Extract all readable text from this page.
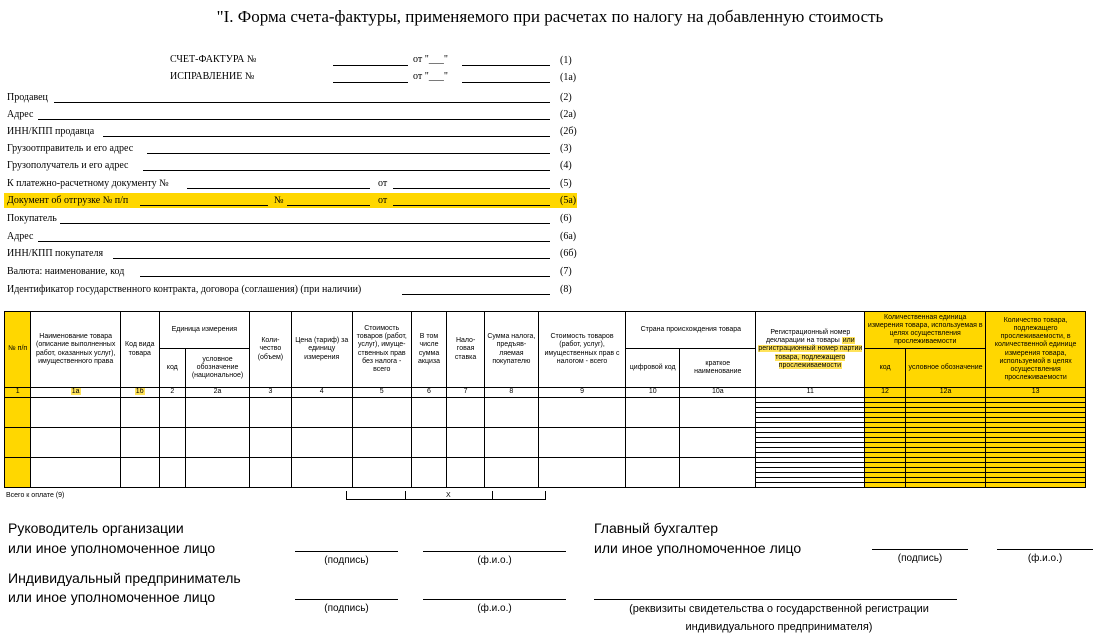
"I. Форма счета-фактуры, применяемого при расчетах по налогу на добавленную стоимость
СЧЕТ-ФАКТУРА №	от "___"	(1)
ИСПРАВЛЕНИЕ №	от "___"	(1а)
Продавец	(2)
Адрес	(2а)
ИНН/КПП продавца	(2б)
Грузоотправитель и его адрес	(3)
Грузополучатель и его адрес	(4)
К платежно-расчетному документу №	от	(5)
Документ об отгрузке № п/п	№	от	(5а)
Покупатель	(6)
Адрес	(6а)
ИНН/КПП покупателя	(6б)
Валюта: наименование, код	(7)
Идентификатор государственного контракта, договора (соглашения) (при наличии)	(8)
№ п/п	Наименование товара (описание выполненных работ, оказанных услуг), имущественного права	Код вида товара	Единица измерения		Коли-чество (объем)	Цена (тариф) за единицу измерения	Стоимость товаров (работ, услуг), имуще-ственных прав без налога - всего	В том числе сумма акциза	Нало-говая ставка	Сумма налога, предъяв-ляемая покупателю	Стоимость товаров (работ, услуг), имущественных прав с налогом - всего	Страна происхождения товара		Регистрационный номер декларации на товары или регистрационный номер партии товара, подлежащего прослеживаемости	Количественная единица измерения товара, используемая в целях осуществления прослеживаемости		Количество товара, подлежащего прослеживаемости, в количественной единице измерения товара, используемой в целях осуществления прослеживаемости
			код	условное обозначение (национальное)								цифровой код	краткое наименование		код	условное обозначение	
1	1а	1б	2	2а	3	4	5	6	7	8	9	10	10а	11	12	12а	13

Всего к оплате (9)	X
Руководитель организации
или иное уполномоченное лицо
(подпись)	(ф.и.о.)
Главный бухгалтер
или иное уполномоченное лицо
(подпись)	(ф.и.о.)
Индивидуальный предприниматель
или иное уполномоченное лицо
(подпись)	(ф.и.о.)	(реквизиты свидетельства о государственной регистрации
индивидуального предпринимателя)
